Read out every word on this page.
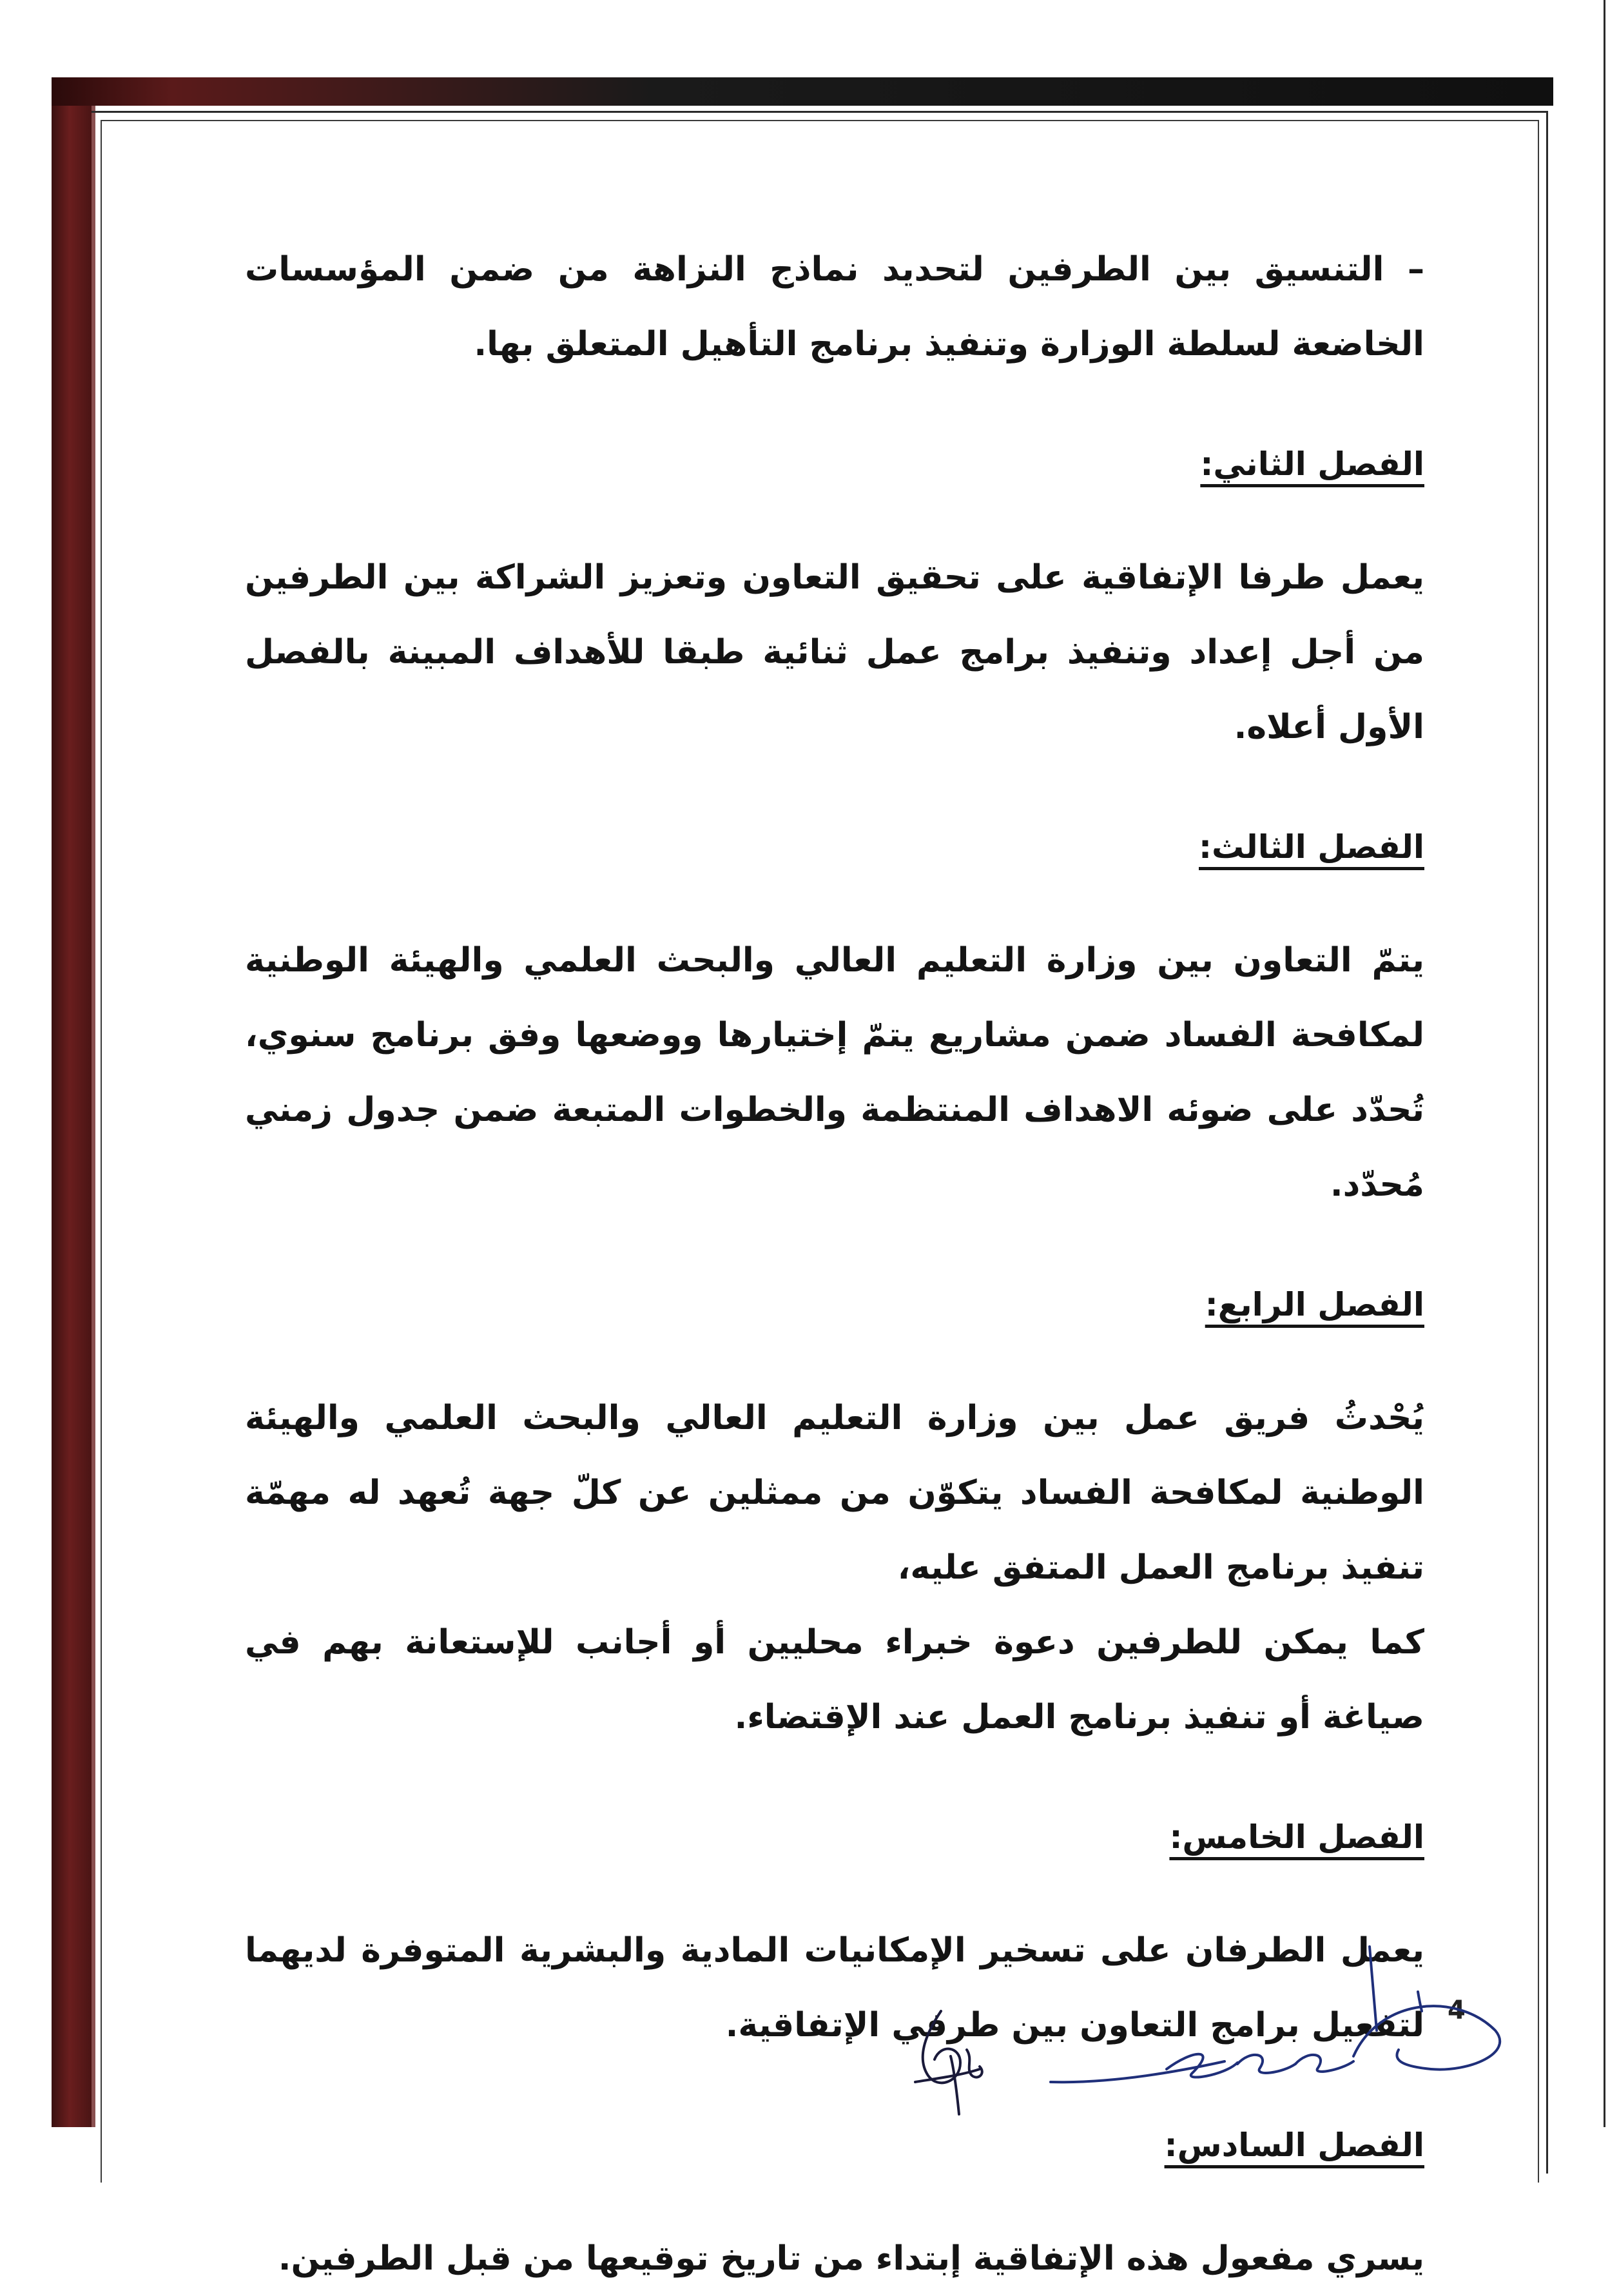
– التنسيق بين الطرفين لتحديد نماذج النزاهة من ضمن المؤسسات الخاضعة لسلطة الوزارة وتنفيذ برنامج التأهيل المتعلق بها.

الفصل الثاني:

يعمل طرفا الإتفاقية على تحقيق التعاون وتعزيز الشراكة بين الطرفين من أجل إعداد وتنفيذ برامج عمل ثنائية طبقا للأهداف المبينة بالفصل الأول أعلاه.

الفصل الثالث:

يتمّ التعاون بين وزارة التعليم العالي والبحث العلمي والهيئة الوطنية لمكافحة الفساد ضمن مشاريع يتمّ إختيارها ووضعها وفق برنامج سنوي، تُحدّد على ضوئه الاهداف المنتظمة والخطوات المتبعة ضمن جدول زمني مُحدّد.

الفصل الرابع:

يُحْدثُ فريق عمل بين وزارة التعليم العالي والبحث العلمي والهيئة الوطنية لمكافحة الفساد يتكوّن من ممثلين عن كلّ جهة تُعهد له مهمّة تنفيذ برنامج العمل المتفق عليه،

كما يمكن للطرفين دعوة خبراء محليين أو أجانب للإستعانة بهم في صياغة أو تنفيذ برنامج العمل عند الإقتضاء.

الفصل الخامس:

يعمل الطرفان على تسخير الإمكانيات المادية والبشرية المتوفرة لديهما لتفعيل برامج التعاون بين طرفي الإتفاقية.

الفصل السادس:

يسري مفعول هذه الإتفاقية إبتداء من تاريخ توقيعها من قبل الطرفين.

4
